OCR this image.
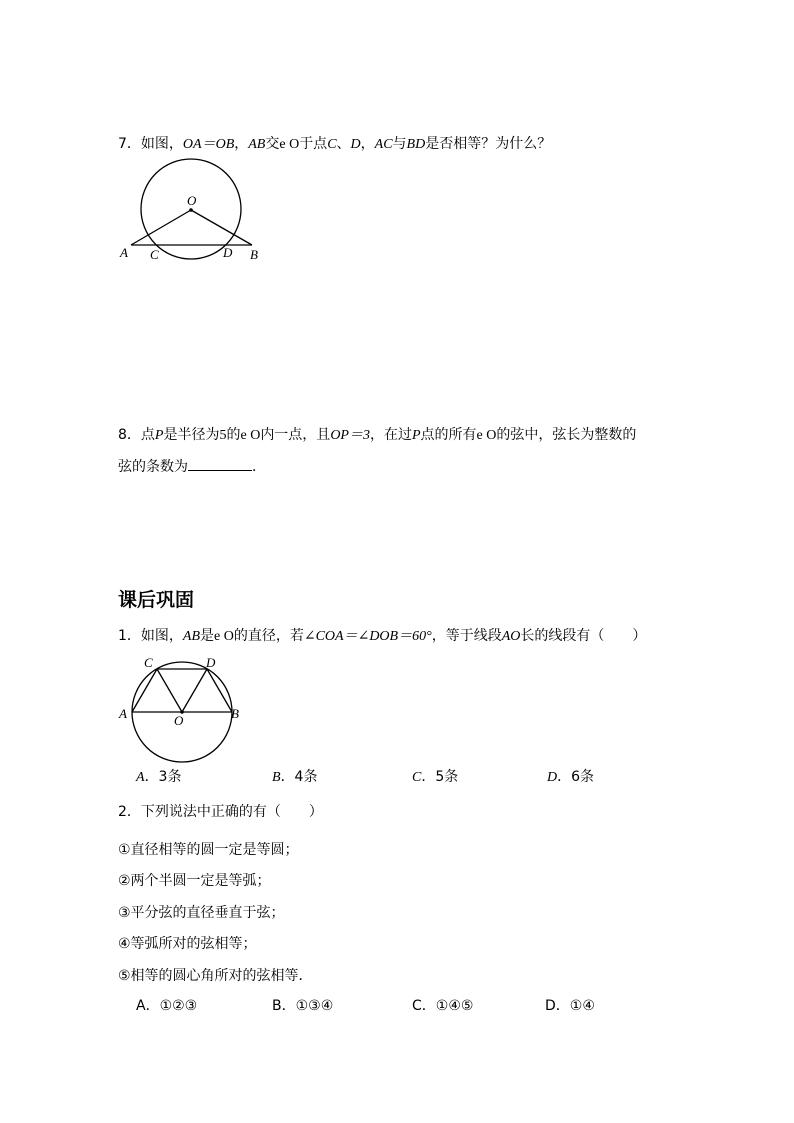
7．如图，OA＝OB，AB交e O于点C、D，AC与BD是否相等？为什么？
O
A C	D B
8．点P是半径为5的e O内一点，且OP＝3，在过P点的所有e O的弦中，弦长为整数的
弦的条数为	．
课后巩固
1．如图，AB是e O的直径，若∠COA＝∠DOB＝60°，等于线段AO长的线段有（　　）
C	D
A	O	B
A．3条	B．4条	C．5条	D．6条
2．下列说法中正确的有（　　）
①直径相等的圆一定是等圆；
②两个半圆一定是等弧；
③平分弦的直径垂直于弦；
④等弧所对的弦相等；
⑤相等的圆心角所对的弦相等．
A．①②③	B．①③④	C．①④⑤	D．①④
